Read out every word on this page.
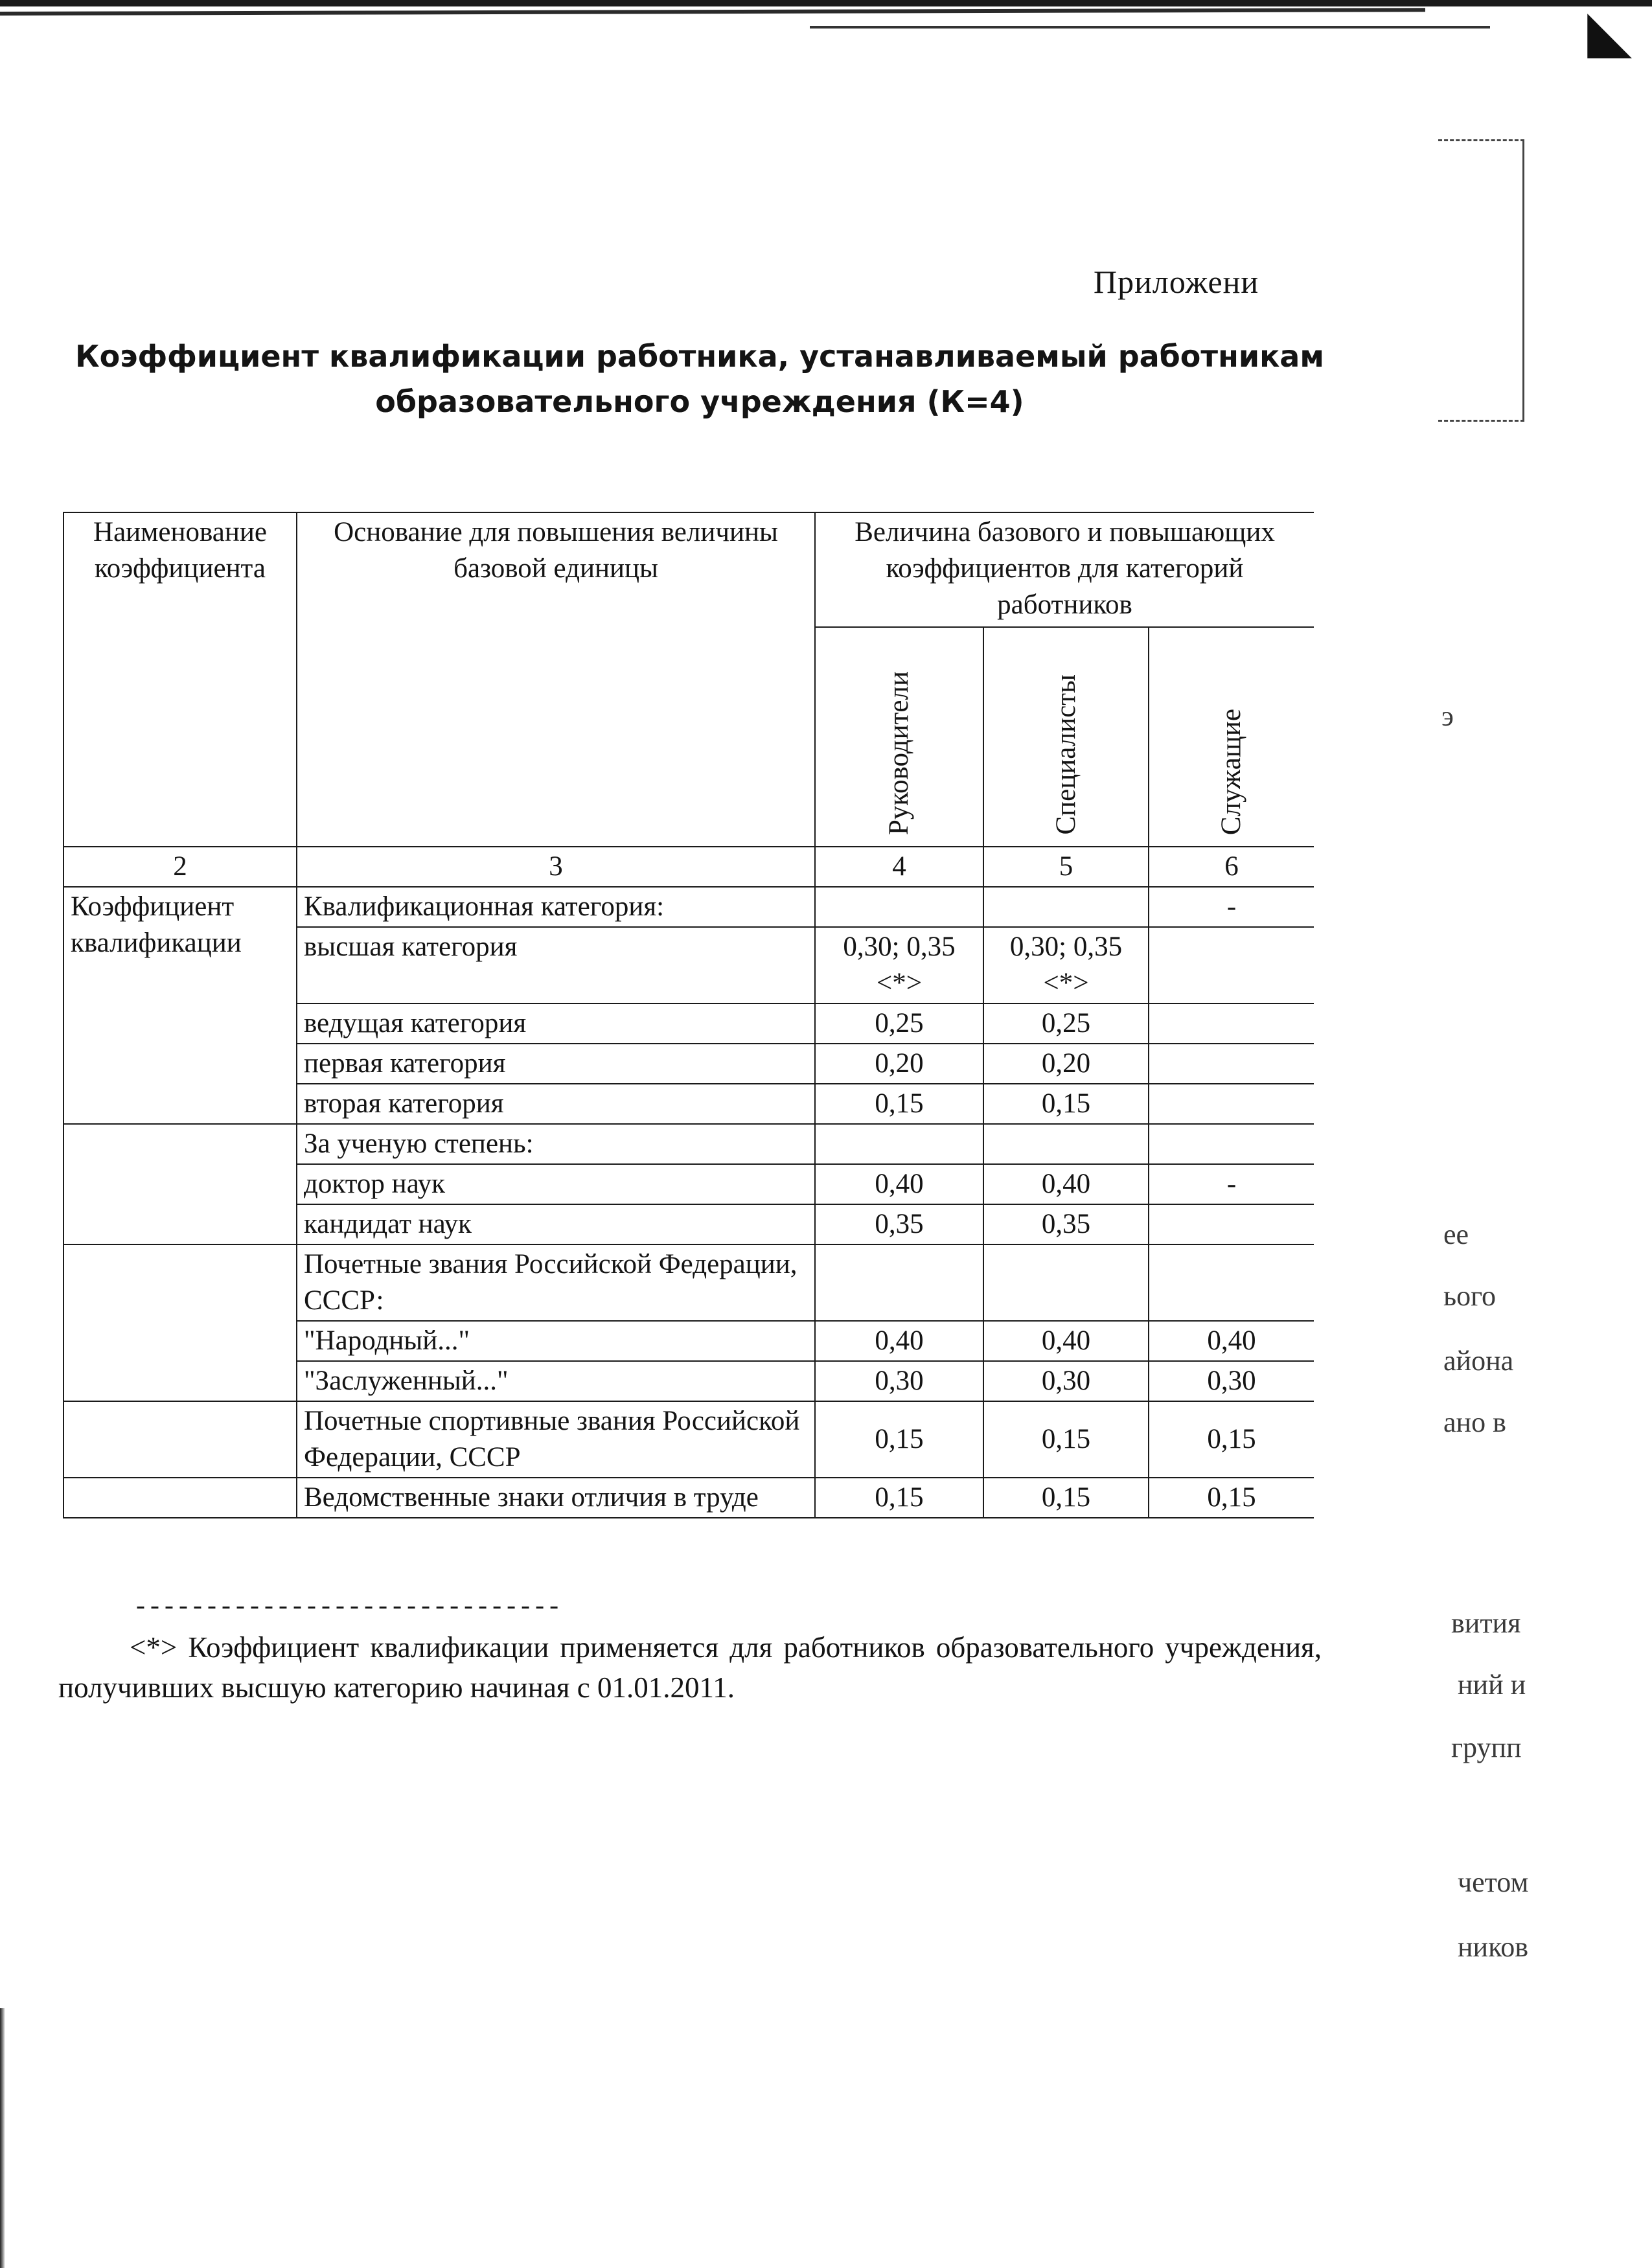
◣
Приложени
Коэффициент квалификации работника, устанавливаемый работникам
образовательного учреждения (К=4)
Наименование коэффициента	Основание для повышения величины базовой единицы	Величина базового и повышающих коэффициентов для категорий работников		
		Руководители	Специалисты	Служащие
2	3	4	5	6
Коэффициент квалификации	Квалификационная категория:			-
	высшая категория	0,30; 0,35 <*>	0,30; 0,35 <*>	
	ведущая категория	0,25	0,25	
	первая категория	0,20	0,20	
	вторая категория	0,15	0,15	
	За ученую степень:			
	доктор наук	0,40	0,40	-
	кандидат наук	0,35	0,35	
	Почетные звания Российской Федерации, СССР:			
	"Народный..."	0,40	0,40	0,40
	"Заслуженный..."	0,30	0,30	0,30
	Почетные спортивные звания Российской Федерации, СССР	0,15	0,15	0,15
	Ведомственные знаки отличия в труде	0,15	0,15	0,15
------------------------------
<*> Коэффициент квалификации применяется для работников образовательного учреждения, получивших высшую категорию начиная с 01.01.2011.
э
ее
ього
айона
ано в
вития
ний и
групп
четом
ников
